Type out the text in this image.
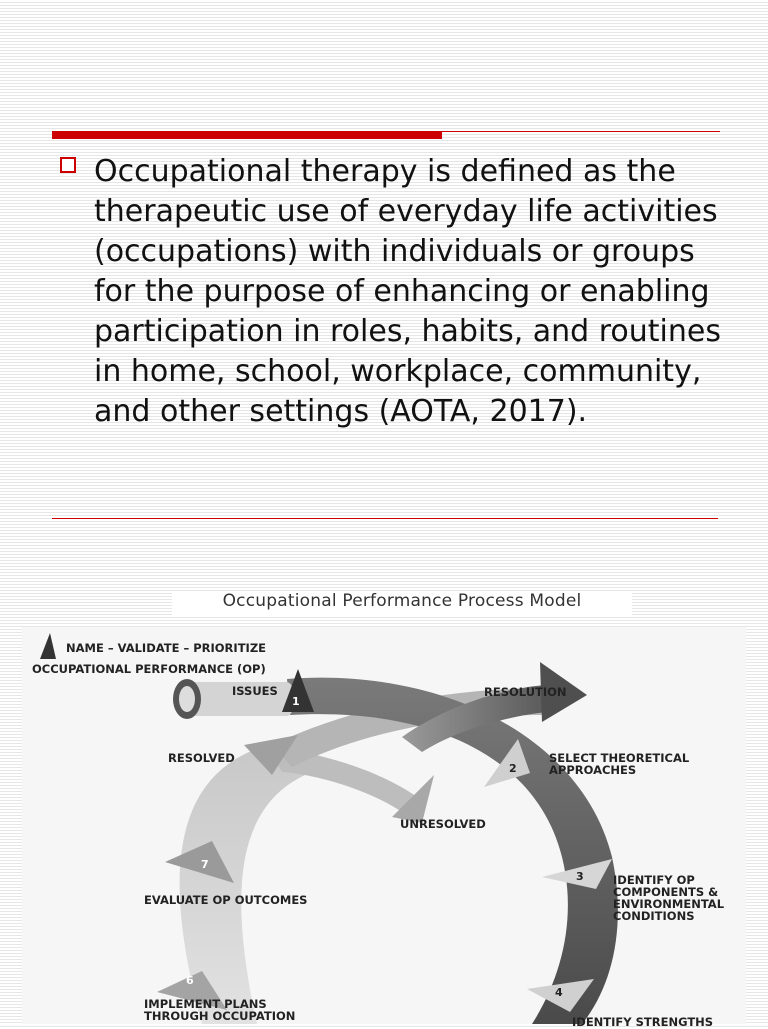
Occupational therapy is defined as the therapeutic use of everyday life activities (occupations) with individuals or groups for the purpose of enhancing or enabling participation in roles, habits, and routines in home, school, workplace, community, and other settings (AOTA, 2017).
Occupational Performance Process Model
1
2
3
4
6
7
NAME – VALIDATE – PRIORITIZE
OCCUPATIONAL PERFORMANCE (OP)
ISSUES	RESOLUTION
RESOLVED	SELECT THEORETICAL
APPROACHES
UNRESOLVED
IDENTIFY OP
COMPONENTS &
ENVIRONMENTAL
CONDITIONS
EVALUATE OP OUTCOMES
IMPLEMENT PLANS
THROUGH OCCUPATION	IDENTIFY STRENGTHS
